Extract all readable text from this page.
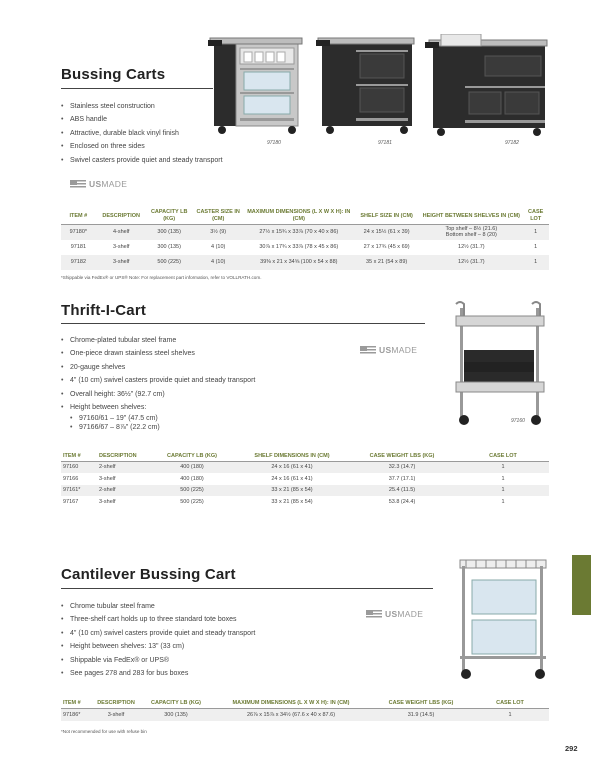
Bussing Carts
• Stainless steel construction
• ABS handle
• Attractive, durable black vinyl finish
• Enclosed on three sides
• Swivel casters provide quiet and steady transport
USMADE
97180	97181	97182
ITEM #	DESCRIPTION	CAPACITY LB (KG)	CASTER SIZE IN (CM)	MAXIMUM DIMENSIONS (L X W X H): IN (CM)	SHELF SIZE IN (CM)	HEIGHT BETWEEN SHELVES IN (CM)	CASE LOT
97180*	4-shelf	300 (135)	3½ (9)	27½ x 15¾ x 33⅞ (70 x 40 x 86)	24 x 15½ (61 x 39)	Top shelf – 8½ (21.6)
Bottom shelf – 8 (20)	1
97181	3-shelf	300 (135)	4 (10)	30⅞ x 17¾ x 33⅞ (78 x 45 x 86)	27 x 17¾ (45 x 69)	12½ (31.7)	1
97182	3-shelf	500 (225)	4 (10)	39⅜ x 21 x 34⅝ (100 x 54 x 88)	35 x 21 (54 x 89)	12½ (31.7)	1
*Shippable via FedEx® or UPS® Note: For replacement part information, refer to VOLLRATH.com.
Thrift-I-Cart
• Chrome-plated tubular steel frame
• One-piece drawn stainless steel shelves
• 20-gauge shelves
• 4" (10 cm) swivel casters provide quiet and steady transport
• Overall height: 36½" (92.7 cm)
• Height between shelves:
• 97160/61 – 19" (47.5 cm)
• 97166/67 – 8⅞" (22.2 cm)
USMADE
97160
ITEM #	DESCRIPTION	CAPACITY LB (KG)	SHELF DIMENSIONS IN (CM)	CASE WEIGHT LBS (KG)	CASE LOT
97160	2-shelf	400 (180)	24 x 16 (61 x 41)	32.3 (14.7)	1
97166	3-shelf	400 (180)	24 x 16 (61 x 41)	37.7 (17.1)	1
97161*	2-shelf	500 (225)	33 x 21 (85 x 54)	25.4 (11.5)	1
97167	3-shelf	500 (225)	33 x 21 (85 x 54)	53.8 (24.4)	1
Cantilever Bussing Cart
• Chrome tubular steel frame
• Three-shelf cart holds up to three standard tote boxes
• 4" (10 cm) swivel casters provide quiet and steady transport
• Height between shelves: 13" (33 cm)
• Shippable via FedEx® or UPS®
• See pages 278 and 283 for bus boxes
USMADE
ITEM #	DESCRIPTION	CAPACITY LB (KG)	MAXIMUM DIMENSIONS (L X W X H): IN (CM)	CASE WEIGHT LBS (KG)	CASE LOT
97186*	3-shelf	300 (135)	26⅞ x 15⅞ x 34½ (67.6 x 40 x 87.6)	31.9 (14.5)	1
*Not recommended for use with refuse bin
292
